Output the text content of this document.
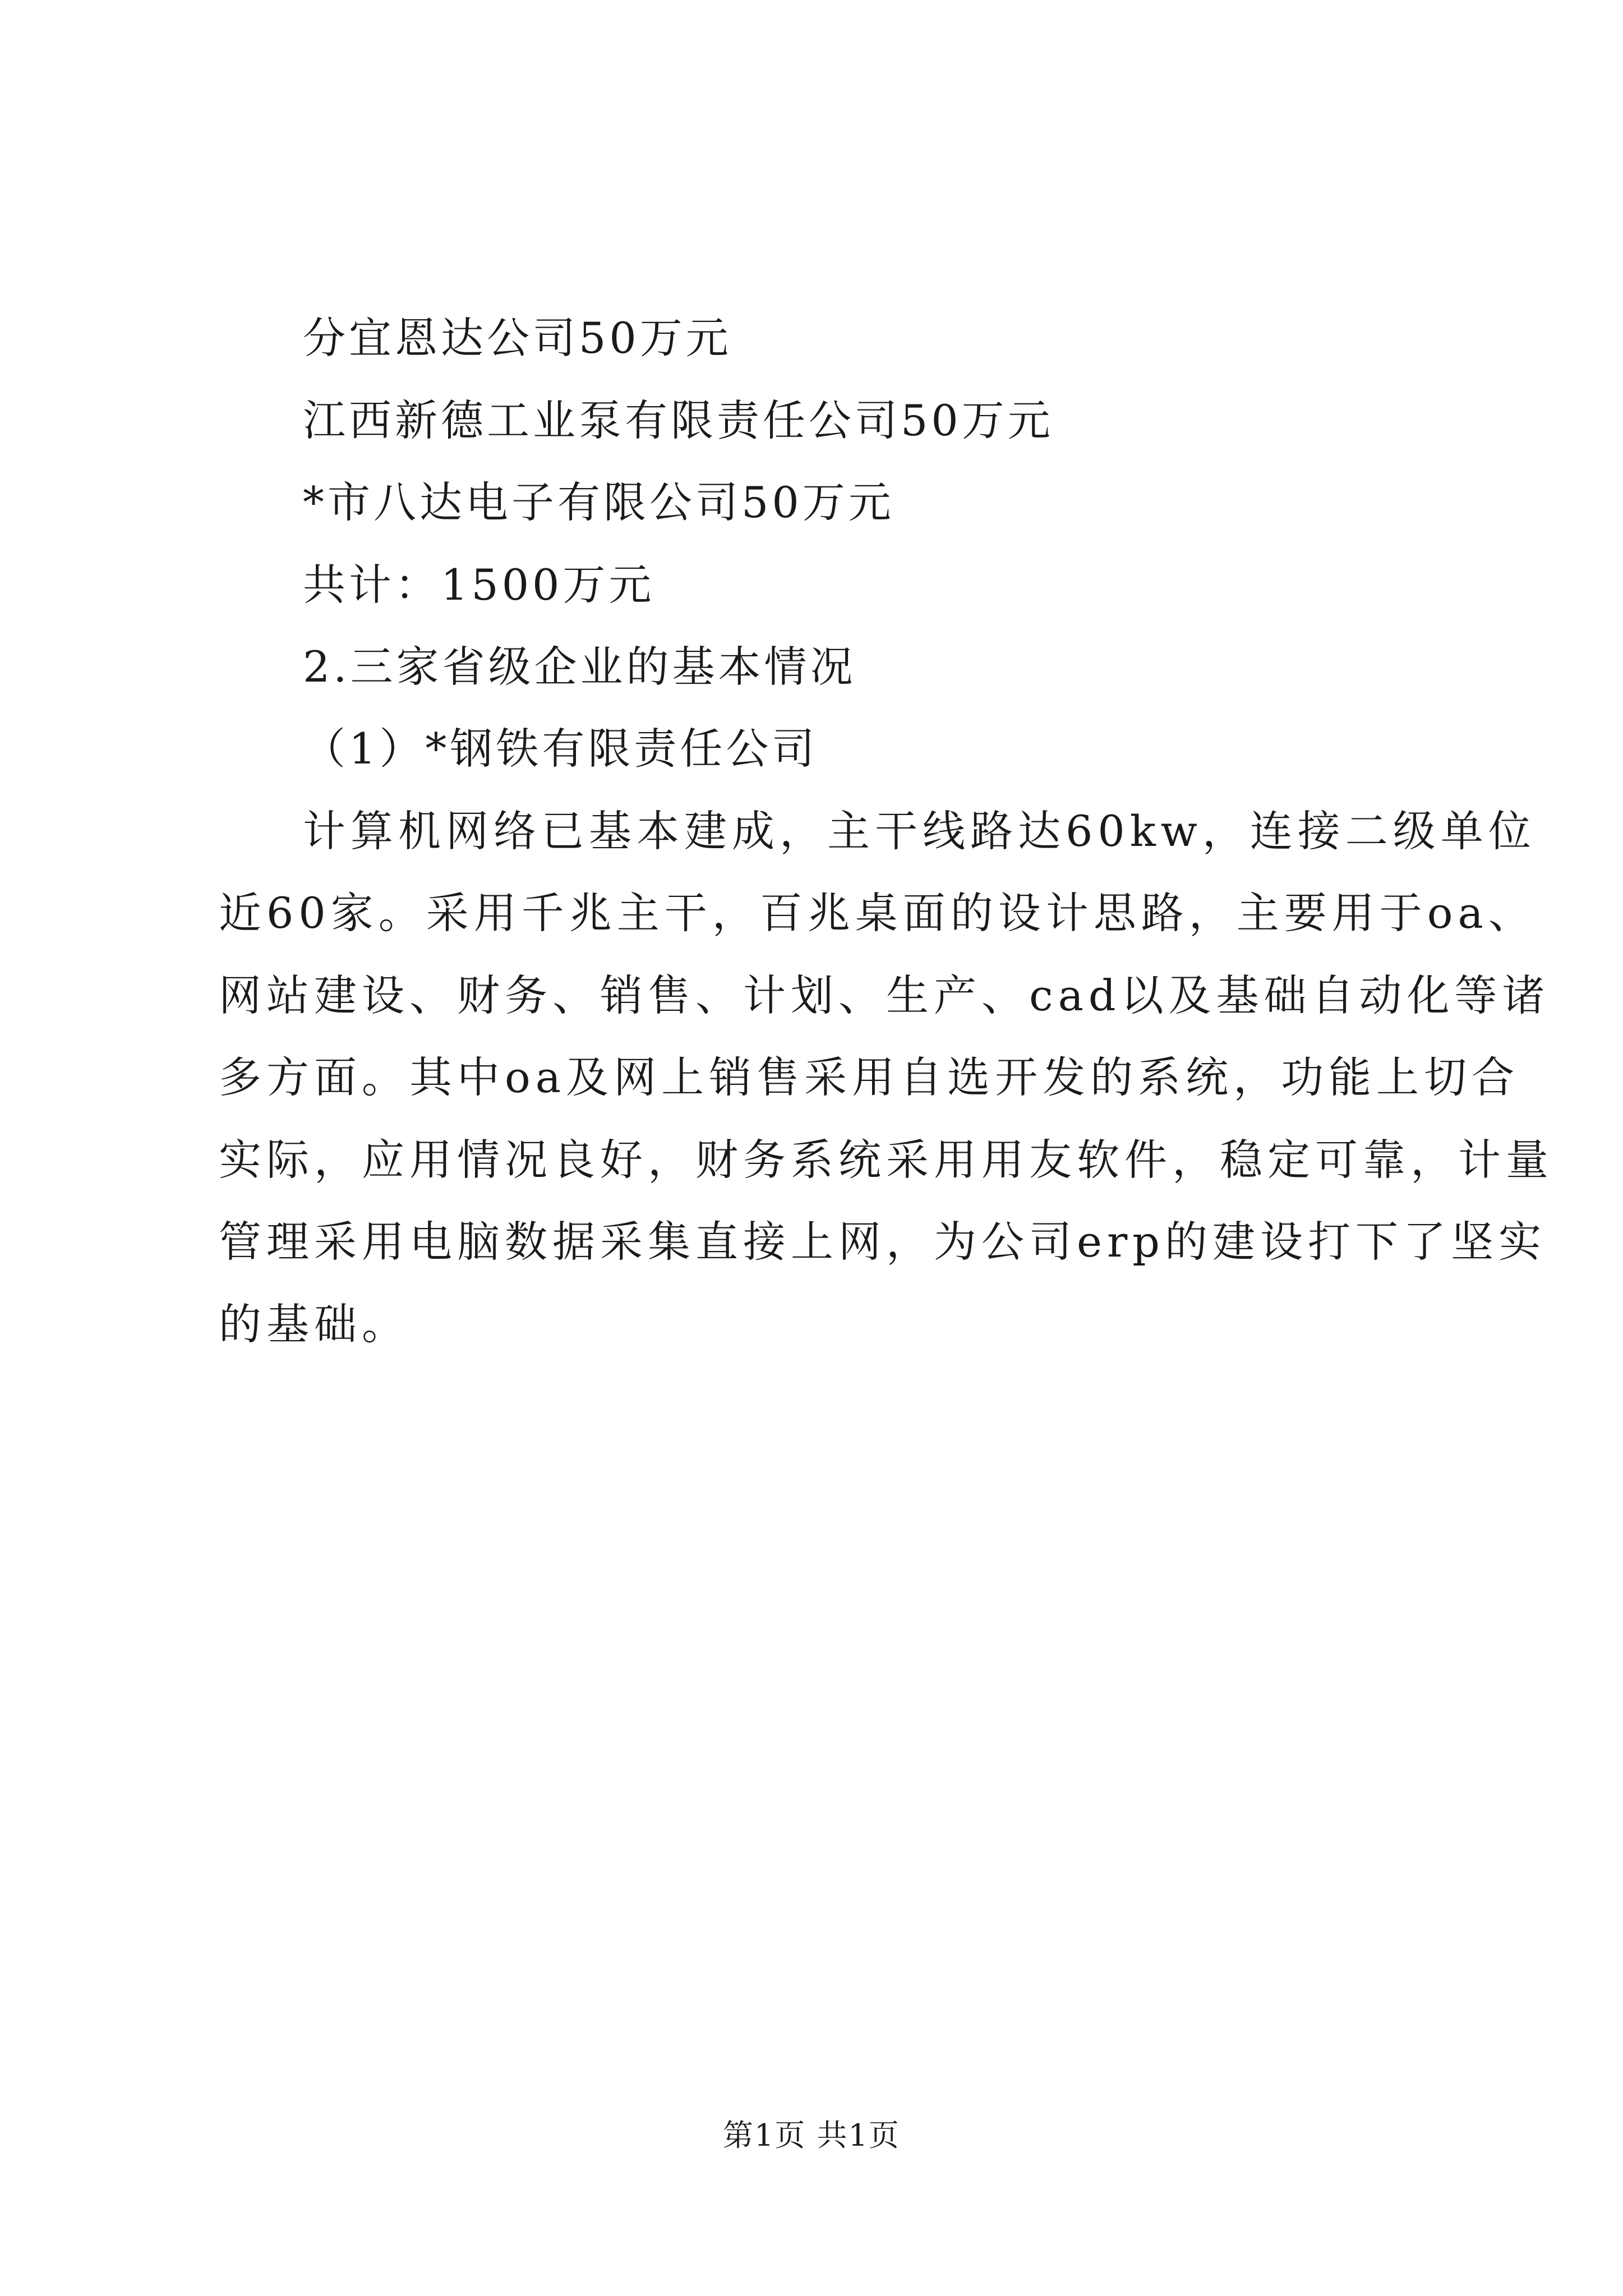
分宜恩达公司50万元
江西新德工业泵有限责任公司50万元
*市八达电子有限公司50万元
共计：1500万元
2.三家省级企业的基本情况
（1）*钢铁有限责任公司
计算机网络已基本建成，主干线路达60kw，连接二级单位
近60家。采用千兆主干，百兆桌面的设计思路，主要用于oa、
网站建设、财务、销售、计划、生产、cad以及基础自动化等诸
多方面。其中oa及网上销售采用自选开发的系统，功能上切合
实际，应用情况良好，财务系统采用用友软件，稳定可靠，计量
管理采用电脑数据采集直接上网，为公司erp的建设打下了坚实
的基础。
第1页 共1页
